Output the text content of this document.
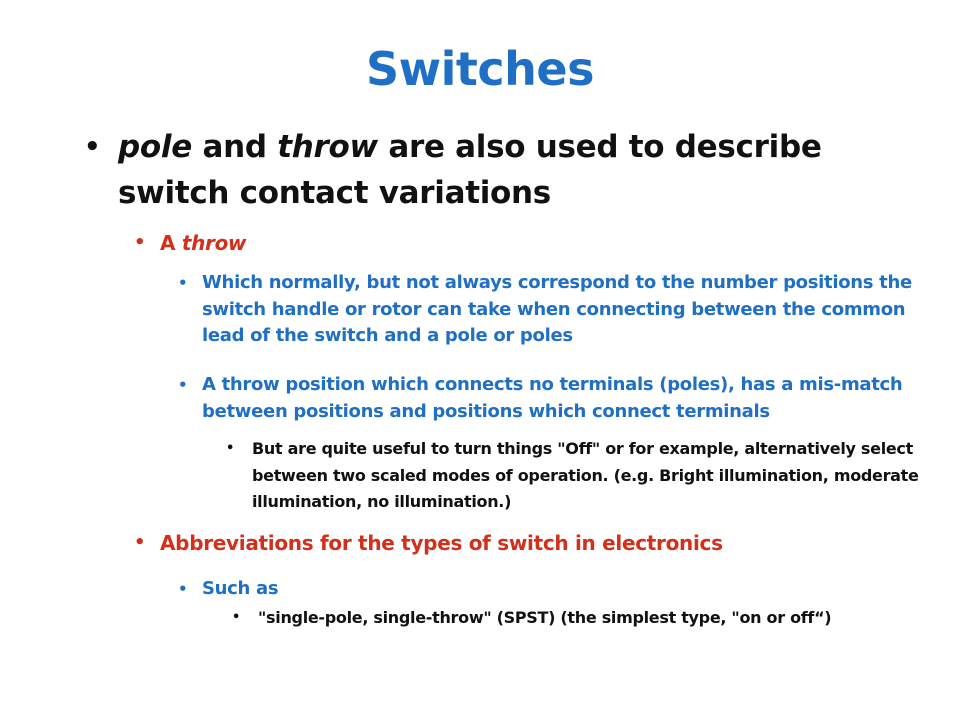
Switches
• pole and throw are also used to describe switch contact variations
• A throw
• Which normally, but not always correspond to the number positions the switch handle or rotor can take when connecting between the common lead of the switch and a pole or poles
• A throw position which connects no terminals (poles), has a mis-match between positions and positions which connect terminals
• But are quite useful to turn things "Off" or for example, alternatively select between two scaled modes of operation. (e.g. Bright illumination, moderate illumination, no illumination.)
• Abbreviations for the types of switch in electronics
• Such as
• "single-pole, single-throw" (SPST) (the simplest type, "on or off“)
